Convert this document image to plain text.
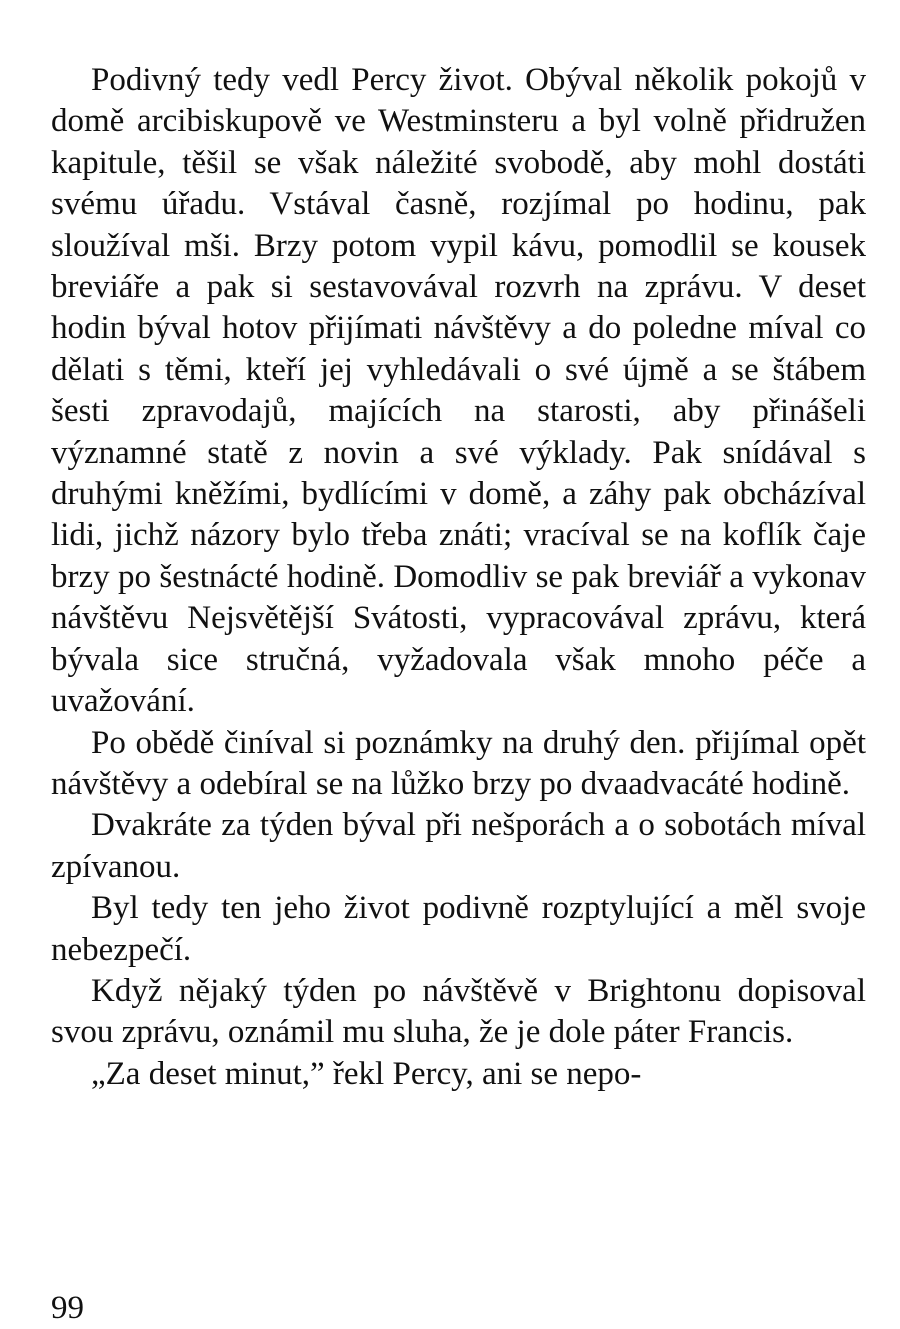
Podivný tedy vedl Percy život. Obýval několik pokojů v domě arcibiskupově ve Westminsteru a byl volně přidružen kapitule, těšil se však náležité svobodě, aby mohl dostáti svému úřadu. Vstával časně, rozjímal po hodinu, pak sloužíval mši. Brzy potom vypil kávu, pomodlil se kousek breviáře a pak si sestavovával rozvrh na zprávu. V deset hodin býval hotov přijímati návštěvy a do poledne míval co dělati s těmi, kteří jej vyhledávali o své újmě a se štábem šesti zpravodajů, majících na starosti, aby přinášeli významné statě z novin a své výklady. Pak snídával s druhými kněžími, bydlícími v domě, a záhy pak obcházíval lidi, jichž názory bylo třeba znáti; vracíval se na koflík čaje brzy po šestnácté hodině. Domodliv se pak breviář a vykonav návštěvu Nejsvětější Svátosti, vypracovával zprávu, která bývala sice stručná, vyžadovala však mnoho péče a uvažování.

Po obědě činíval si poznámky na druhý den. přijímal opět návštěvy a odebíral se na lůžko brzy po dvaadvacáté hodině.

Dvakráte za týden býval při nešporách a o sobotách míval zpívanou.

Byl tedy ten jeho život podivně rozptylující a měl svoje nebezpečí.

Když nějaký týden po návštěvě v Brightonu dopisoval svou zprávu, oznámil mu sluha, že je dole páter Francis.

„Za deset minut,” řekl Percy, ani se nepo-

99
